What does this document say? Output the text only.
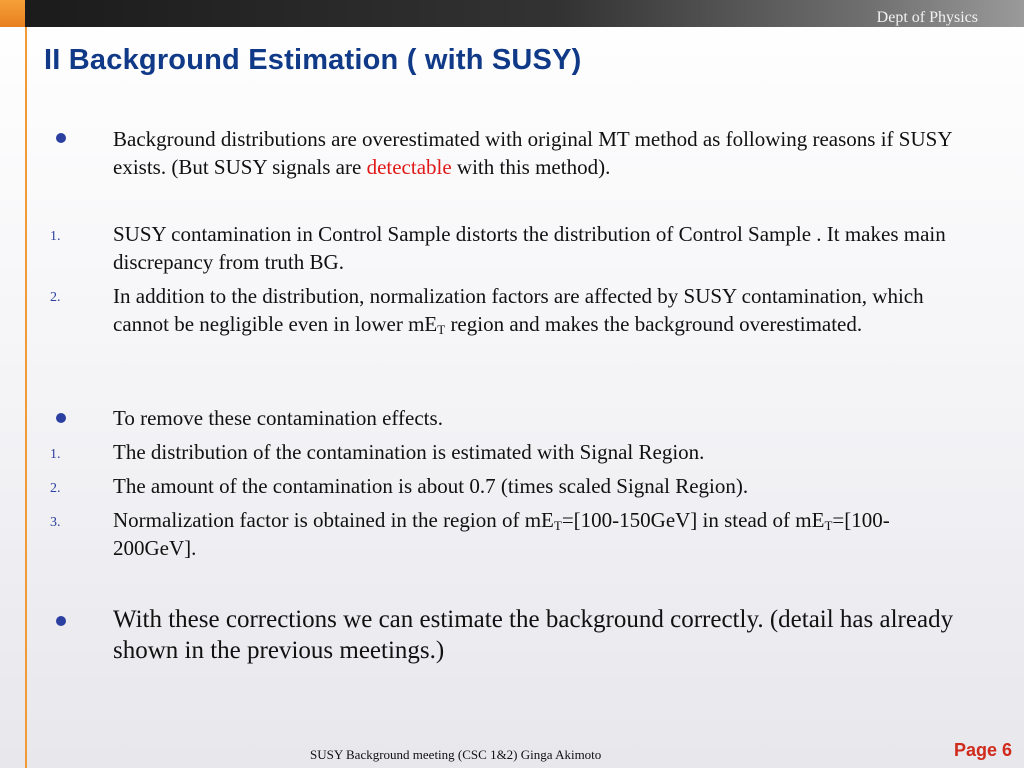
Dept of Physics
II Background Estimation ( with SUSY)
Background distributions are overestimated with original MT method as following reasons if SUSY exists. (But SUSY signals are detectable with this method).
1.	SUSY contamination in Control Sample distorts the distribution of Control Sample . It makes main discrepancy from truth BG.
2.	In addition to the distribution, normalization factors are affected by SUSY contamination, which cannot be negligible even in lower $mE_T$ region and makes the background overestimated.
To remove these contamination effects.
1.	The distribution of the contamination is estimated with Signal Region.
2.	The amount of the contamination is about 0.7 (times scaled Signal Region).
3.	Normalization factor is obtained in the region of $mE_T=[100-150GeV]$ in stead of $mE_T=[100-200GeV]$.
With these corrections we can estimate the background correctly. (detail has already shown in the previous meetings.)
SUSY Background meeting (CSC 1&2) Ginga Akimoto	Page 6
